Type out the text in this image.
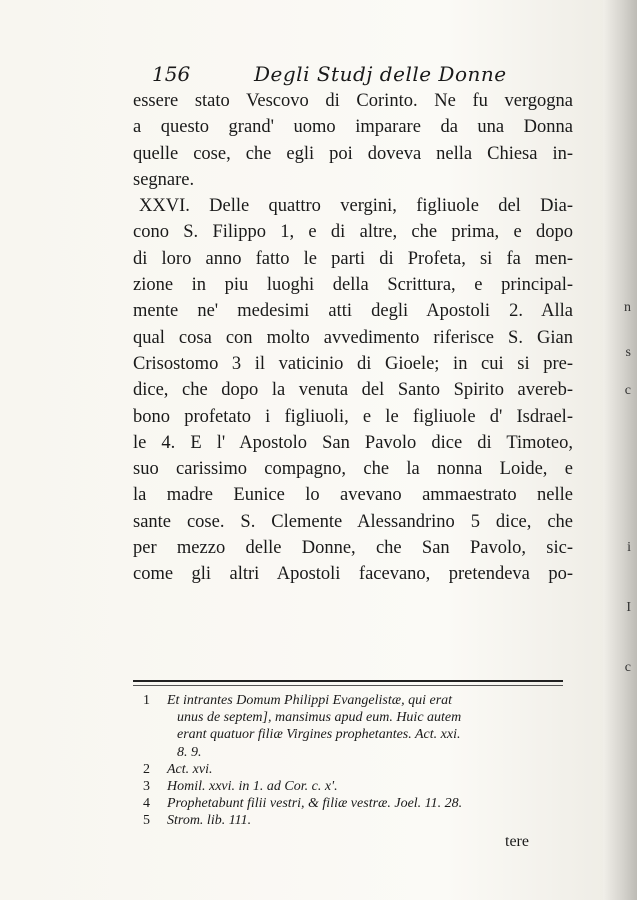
n
s
c
i
I
c
156	Degli Studj delle Donne
essere stato Vescovo di Corinto. Ne fu vergogna
a questo grand' uomo imparare da una Donna
quelle cose, che egli poi doveva nella Chiesa in-
segnare.
XXVI. Delle quattro vergini, figliuole del Dia-
cono S. Filippo 1, e di altre, che prima, e dopo
di loro anno fatto le parti di Profeta, si fa men-
zione in piu luoghi della Scrittura, e principal-
mente ne' medesimi atti degli Apostoli 2. Alla
qual cosa con molto avvedimento riferisce S. Gian
Crisostomo 3 il vaticinio di Gioele; in cui si pre-
dice, che dopo la venuta del Santo Spirito avereb-
bono profetato i figliuoli, e le figliuole d' Isdrael-
le 4. E l' Apostolo San Pavolo dice di Timoteo,
suo carissimo compagno, che la nonna Loide, e
la madre Eunice lo avevano ammaestrato nelle
sante cose. S. Clemente Alessandrino 5 dice, che
per mezzo delle Donne, che San Pavolo, sic-
come gli altri Apostoli facevano, pretendeva po-
1 Et intrantes Domum Philippi Evangelistæ, qui erat
unus de septem], mansimus apud eum. Huic autem
erant quatuor filiæ Virgines prophetantes. Act. xxi.
8. 9.
2 Act. xvi.
3 Homil. xxvi. in 1. ad Cor. c. x'.
4 Prophetabunt filii vestri, & filiæ vestræ. Joel. 11. 28.
5 Strom. lib. 111.
tere
